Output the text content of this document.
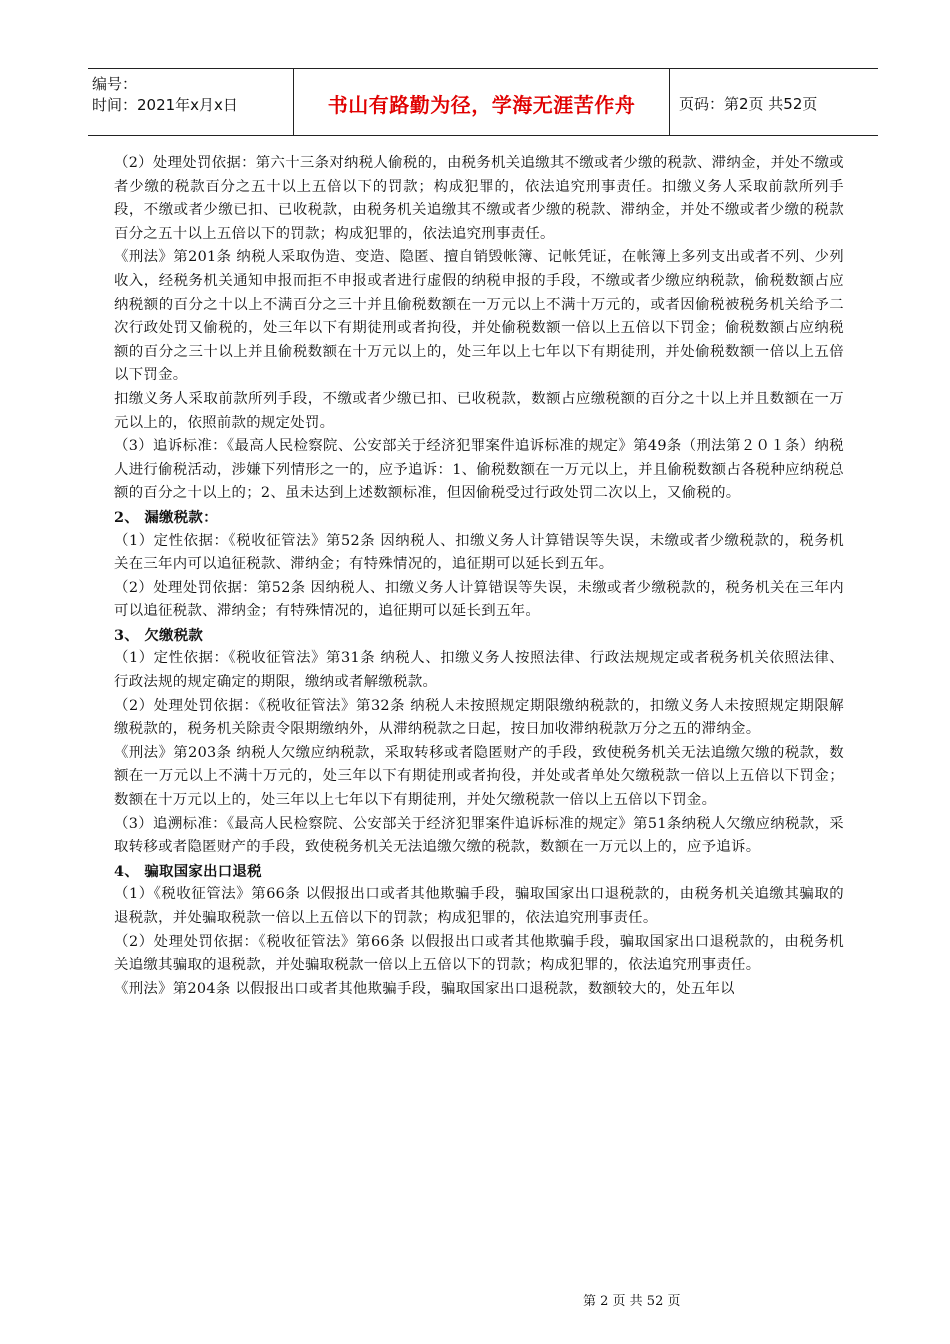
编号：
时间：2021年x月x日	书山有路勤为径，学海无涯苦作舟	页码：第2页 共52页

（2）处理处罚依据：第六十三条对纳税人偷税的，由税务机关追缴其不缴或者少缴的税款、滞纳金，并处不缴或者少缴的税款百分之五十以上五倍以下的罚款；构成犯罪的，依法追究刑事责任。扣缴义务人采取前款所列手段，不缴或者少缴已扣、已收税款，由税务机关追缴其不缴或者少缴的税款、滞纳金，并处不缴或者少缴的税款百分之五十以上五倍以下的罚款；构成犯罪的，依法追究刑事责任。

《刑法》第201条 纳税人采取伪造、变造、隐匿、擅自销毁帐簿、记帐凭证，在帐簿上多列支出或者不列、少列收入，经税务机关通知申报而拒不申报或者进行虚假的纳税申报的手段，不缴或者少缴应纳税款，偷税数额占应纳税额的百分之十以上不满百分之三十并且偷税数额在一万元以上不满十万元的，或者因偷税被税务机关给予二次行政处罚又偷税的，处三年以下有期徒刑或者拘役，并处偷税数额一倍以上五倍以下罚金；偷税数额占应纳税额的百分之三十以上并且偷税数额在十万元以上的，处三年以上七年以下有期徒刑，并处偷税数额一倍以上五倍以下罚金。

扣缴义务人采取前款所列手段，不缴或者少缴已扣、已收税款，数额占应缴税额的百分之十以上并且数额在一万元以上的，依照前款的规定处罚。

（3）追诉标准：《最高人民检察院、公安部关于经济犯罪案件追诉标准的规定》第49条（刑法第２０１条）纳税人进行偷税活动，涉嫌下列情形之一的，应予追诉：1、偷税数额在一万元以上，并且偷税数额占各税种应纳税总额的百分之十以上的；2、虽未达到上述数额标准，但因偷税受过行政处罚二次以上，又偷税的。

2、 漏缴税款：

（1）定性依据：《税收征管法》第52条 因纳税人、扣缴义务人计算错误等失误，未缴或者少缴税款的，税务机关在三年内可以追征税款、滞纳金；有特殊情况的，追征期可以延长到五年。

（2）处理处罚依据：第52条 因纳税人、扣缴义务人计算错误等失误，未缴或者少缴税款的，税务机关在三年内可以追征税款、滞纳金；有特殊情况的，追征期可以延长到五年。

3、 欠缴税款

（1）定性依据：《税收征管法》第31条 纳税人、扣缴义务人按照法律、行政法规规定或者税务机关依照法律、行政法规的规定确定的期限，缴纳或者解缴税款。

（2）处理处罚依据：《税收征管法》第32条 纳税人未按照规定期限缴纳税款的，扣缴义务人未按照规定期限解缴税款的，税务机关除责令限期缴纳外，从滞纳税款之日起，按日加收滞纳税款万分之五的滞纳金。

《刑法》第203条 纳税人欠缴应纳税款，采取转移或者隐匿财产的手段，致使税务机关无法追缴欠缴的税款，数额在一万元以上不满十万元的，处三年以下有期徒刑或者拘役，并处或者单处欠缴税款一倍以上五倍以下罚金；数额在十万元以上的，处三年以上七年以下有期徒刑，并处欠缴税款一倍以上五倍以下罚金。

（3）追溯标准：《最高人民检察院、公安部关于经济犯罪案件追诉标准的规定》第51条纳税人欠缴应纳税款，采取转移或者隐匿财产的手段，致使税务机关无法追缴欠缴的税款，数额在一万元以上的，应予追诉。

4、 骗取国家出口退税

（1）《税收征管法》第66条 以假报出口或者其他欺骗手段，骗取国家出口退税款的，由税务机关追缴其骗取的退税款，并处骗取税款一倍以上五倍以下的罚款；构成犯罪的，依法追究刑事责任。

（2）处理处罚依据：《税收征管法》第66条 以假报出口或者其他欺骗手段，骗取国家出口退税款的，由税务机关追缴其骗取的退税款，并处骗取税款一倍以上五倍以下的罚款；构成犯罪的，依法追究刑事责任。

《刑法》第204条 以假报出口或者其他欺骗手段，骗取国家出口退税款，数额较大的，处五年以

第 2 页 共 52 页
